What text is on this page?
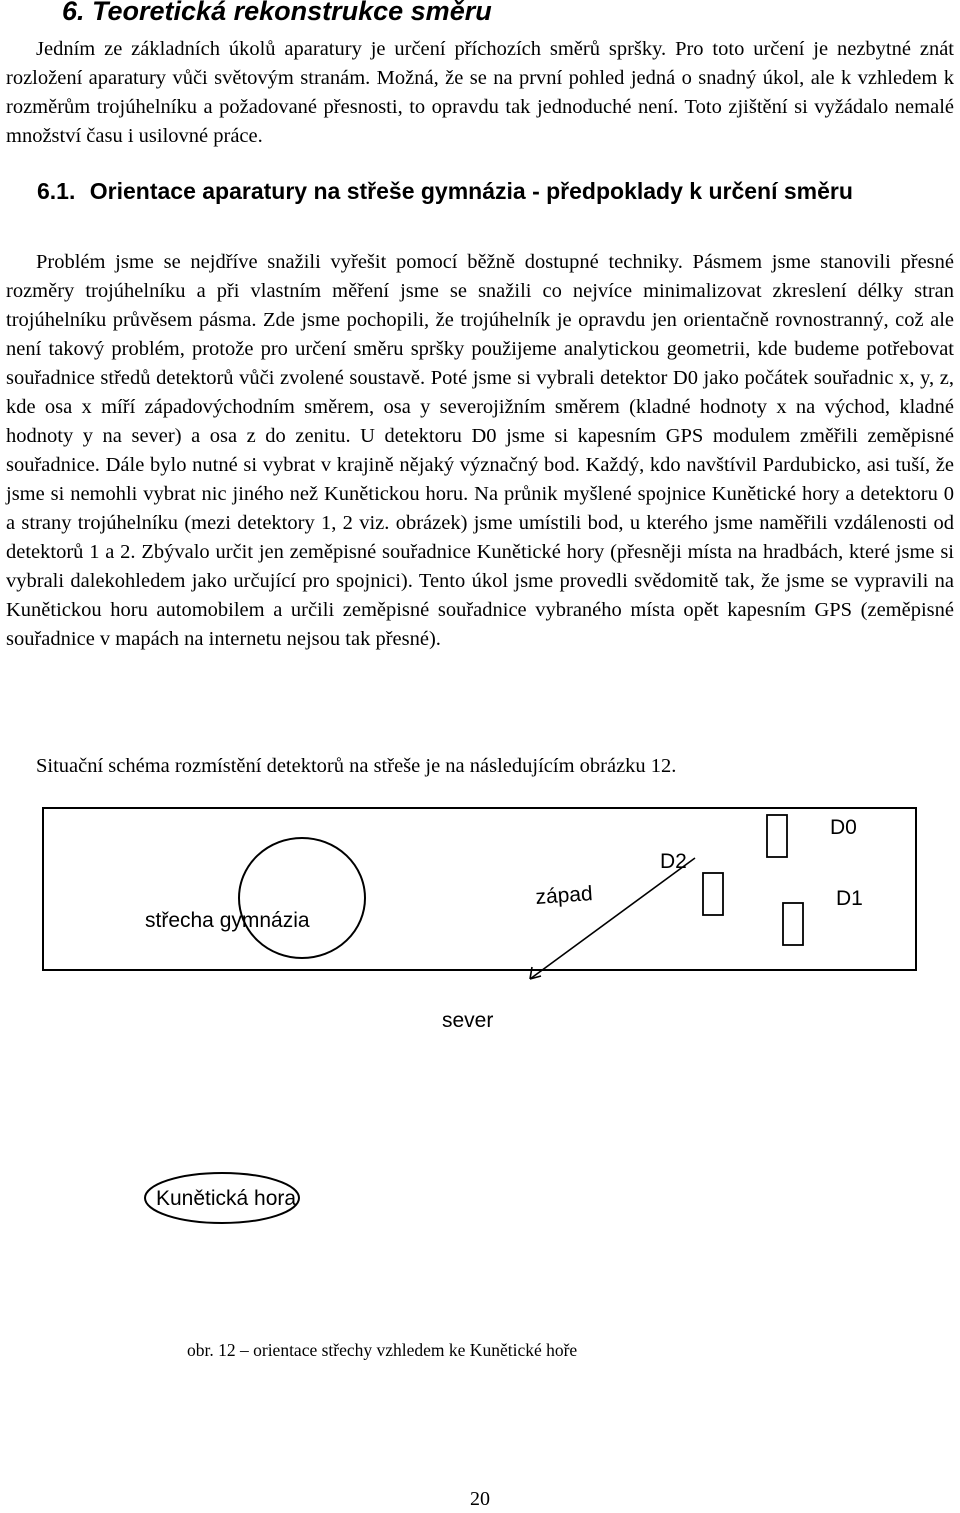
6. Teoretická rekonstrukce směru

Jedním ze základních úkolů aparatury je určení příchozích směrů spršky. Pro toto určení je nezbytné znát rozložení aparatury vůči světovým stranám. Možná, že se na první pohled jedná o snadný úkol, ale k vzhledem k rozměrům trojúhelníku a požadované přesnosti, to opravdu tak jednoduché není. Toto zjištění si vyžádalo nemalé množství času i usilovné práce.

6.1. Orientace aparatury na střeše gymnázia - předpoklady k určení směru

Problém jsme se nejdříve snažili vyřešit pomocí běžně dostupné techniky. Pásmem jsme stanovili přesné rozměry trojúhelníku a při vlastním měření jsme se snažili co nejvíce minimalizovat zkreslení délky stran trojúhelníku průvěsem pásma. Zde jsme pochopili, že trojúhelník je opravdu jen orientačně rovnostranný, což ale není takový problém, protože pro určení směru spršky použijeme analytickou geometrii, kde budeme potřebovat souřadnice středů detektorů vůči zvolené soustavě. Poté jsme si vybrali detektor D0 jako počátek souřadnic x, y, z, kde osa x míří západovýchodním směrem, osa y severojižním směrem (kladné hodnoty x na východ, kladné hodnoty y na sever) a osa z do zenitu. U detektoru D0 jsme si kapesním GPS modulem změřili zeměpisné souřadnice. Dále bylo nutné si vybrat v krajině nějaký význačný bod. Každý, kdo navštívil Pardubicko, asi tuší, že jsme si nemohli vybrat nic jiného než Kunětickou horu. Na průnik myšlené spojnice Kunětické hory a detektoru 0 a strany trojúhelníku (mezi detektory 1, 2 viz. obrázek) jsme umístili bod, u kterého jsme naměřili vzdálenosti od detektorů 1 a 2. Zbývalo určit jen zeměpisné souřadnice Kunětické hory (přesněji místa na hradbách, které jsme si vybrali dalekohledem jako určující pro spojnici). Tento úkol jsme provedli svědomitě tak, že jsme se vypravili na Kunětickou horu automobilem a určili zeměpisné souřadnice vybraného místa opět kapesním GPS (zeměpisné souřadnice v mapách na internetu nejsou tak přesné).

Situační schéma rozmístění detektorů na střeše je na následujícím obrázku 12.

střecha gymnázia
západ
sever
D0
D2
D1
Kunětická hora

obr. 12 – orientace střechy vzhledem ke Kunětické hoře

20
